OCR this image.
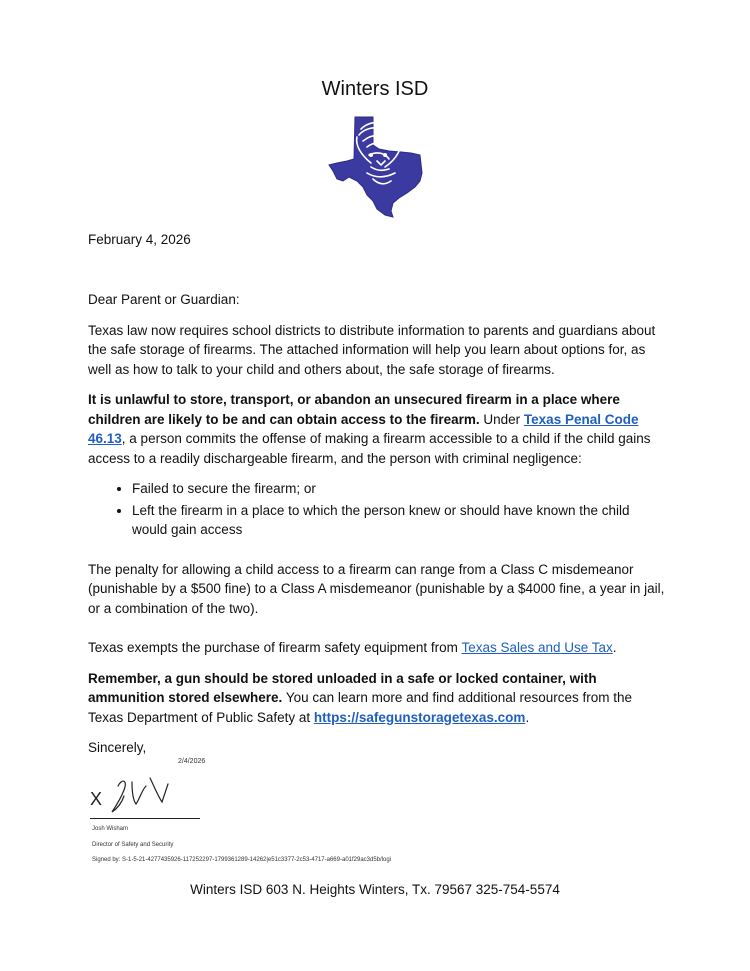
Winters ISD
February 4, 2026

Dear Parent or Guardian:

Texas law now requires school districts to distribute information to parents and guardians about the safe storage of firearms. The attached information will help you learn about options for, as well as how to talk to your child and others about, the safe storage of firearms.

It is unlawful to store, transport, or abandon an unsecured firearm in a place where children are likely to be and can obtain access to the firearm. Under Texas Penal Code 46.13, a person commits the offense of making a firearm accessible to a child if the child gains access to a readily dischargeable firearm, and the person with criminal negligence:

• Failed to secure the firearm; or
• Left the firearm in a place to which the person knew or should have known the child would gain access

The penalty for allowing a child access to a firearm can range from a Class C misdemeanor (punishable by a $500 fine) to a Class A misdemeanor (punishable by a $4000 fine, a year in jail, or a combination of the two).

Texas exempts the purchase of firearm safety equipment from Texas Sales and Use Tax.

Remember, a gun should be stored unloaded in a safe or locked container, with ammunition stored elsewhere. You can learn more and find additional resources from the Texas Department of Public Safety at https://safegunstoragetexas.com.

Sincerely,

2/4/2026
X
Josh Wisham
Director of Safety and Security
Signed by: S-1-5-21-4277435926-117252297-1799361289-14262|e51c3377-2c53-4717-a669-a01f29ac3d5b/logi
Winters ISD 603 N. Heights Winters, Tx. 79567 325-754-5574
